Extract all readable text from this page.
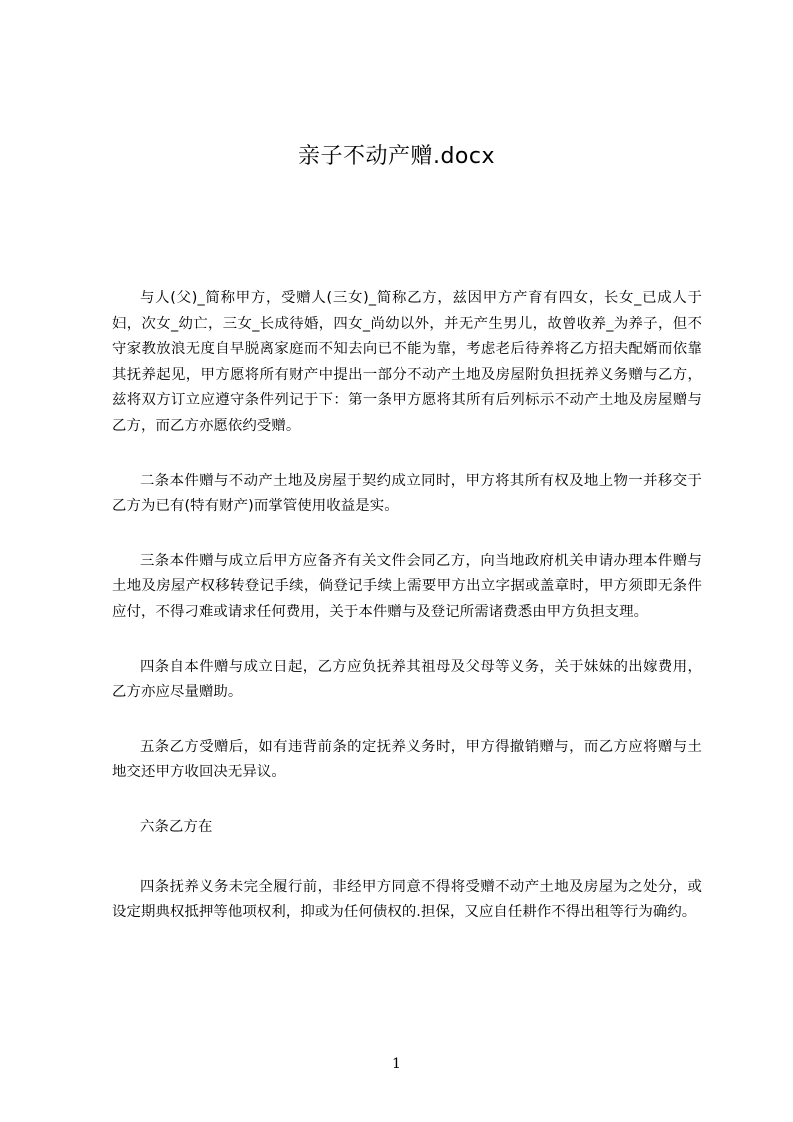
亲子不动产赠.docx

与人(父)_简称甲方，受赠人(三女)_简称乙方，兹因甲方产育有四女，长女_已成人于妇，次女_幼亡，三女_长成待婚，四女_尚幼以外，并无产生男儿，故曾收养_为养子，但不守家教放浪无度自早脱离家庭而不知去向已不能为靠，考虑老后待养将乙方招夫配婿而依靠其抚养起见，甲方愿将所有财产中提出一部分不动产土地及房屋附负担抚养义务赠与乙方，兹将双方订立应遵守条件列记于下：第一条甲方愿将其所有后列标示不动产土地及房屋赠与乙方，而乙方亦愿依约受赠。

二条本件赠与不动产土地及房屋于契约成立同时，甲方将其所有权及地上物一并移交于乙方为已有(特有财产)而掌管使用收益是实。

三条本件赠与成立后甲方应备齐有关文件会同乙方，向当地政府机关申请办理本件赠与土地及房屋产权移转登记手续，倘登记手续上需要甲方出立字据或盖章时，甲方须即无条件应付，不得刁难或请求任何费用，关于本件赠与及登记所需诸费悉由甲方负担支理。

四条自本件赠与成立日起，乙方应负抚养其祖母及父母等义务，关于妹妹的出嫁费用，乙方亦应尽量赠助。

五条乙方受赠后，如有违背前条的定抚养义务时，甲方得撤销赠与，而乙方应将赠与土地交还甲方收回决无异议。

六条乙方在

四条抚养义务未完全履行前，非经甲方同意不得将受赠不动产土地及房屋为之处分，或设定期典权抵押等他项权利，抑或为任何债权的.担保，又应自任耕作不得出租等行为确约。

1
